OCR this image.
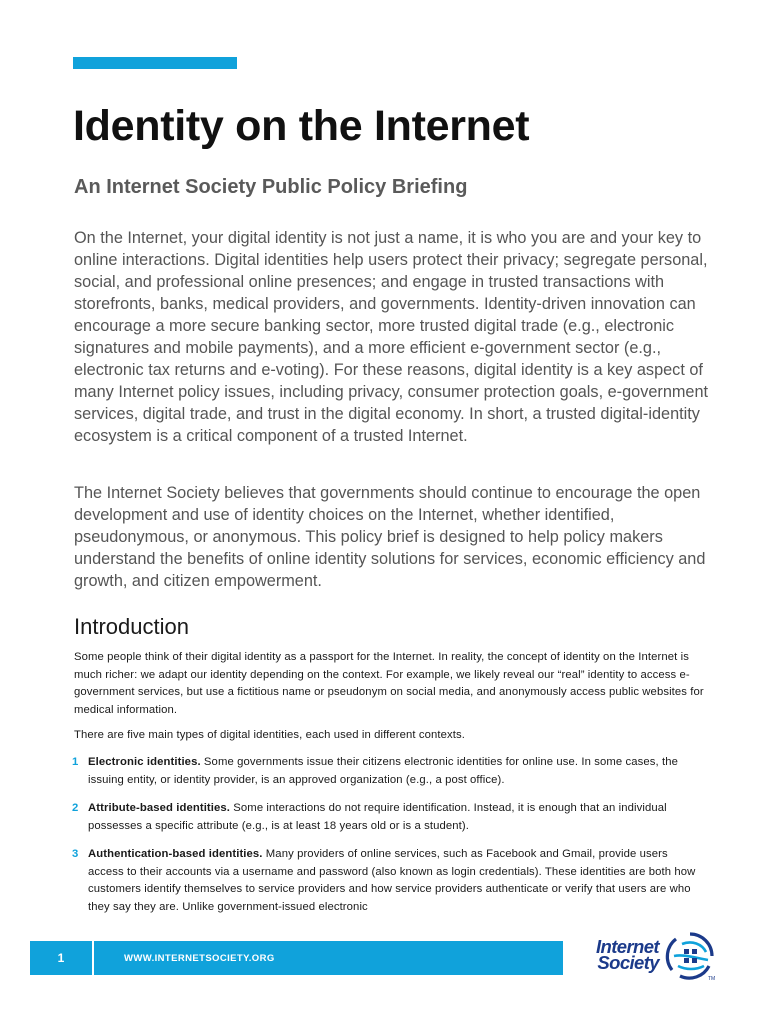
Identity on the Internet
An Internet Society Public Policy Briefing

On the Internet, your digital identity is not just a name, it is who you are and your key to online interactions. Digital identities help users protect their privacy; segregate personal, social, and professional online presences; and engage in trusted transactions with storefronts, banks, medical providers, and governments. Identity-driven innovation can encourage a more secure banking sector, more trusted digital trade (e.g., electronic signatures and mobile payments), and a more efficient e-government sector (e.g., electronic tax returns and e-voting). For these reasons, digital identity is a key aspect of many Internet policy issues, including privacy, consumer protection goals, e-government services, digital trade, and trust in the digital economy. In short, a trusted digital-identity ecosystem is a critical component of a trusted Internet.

The Internet Society believes that governments should continue to encourage the open development and use of identity choices on the Internet, whether identified, pseudonymous, or anonymous. This policy brief is designed to help policy makers understand the benefits of online identity solutions for services, economic efficiency and growth, and citizen empowerment.

Introduction

Some people think of their digital identity as a passport for the Internet. In reality, the concept of identity on the Internet is much richer: we adapt our identity depending on the context. For example, we likely reveal our “real” identity to access e-government services, but use a fictitious name or pseudonym on social media, and anonymously access public websites for medical information.

There are five main types of digital identities, each used in different contexts.

1 Electronic identities. Some governments issue their citizens electronic identities for online use. In some cases, the issuing entity, or identity provider, is an approved organization (e.g., a post office).
2 Attribute-based identities. Some interactions do not require identification. Instead, it is enough that an individual possesses a specific attribute (e.g., is at least 18 years old or is a student).
3 Authentication-based identities. Many providers of online services, such as Facebook and Gmail, provide users access to their accounts via a username and password (also known as login credentials). These identities are both how customers identify themselves to service providers and how service providers authenticate or verify that users are who they say they are. Unlike government-issued electronic
1	WWW.INTERNETSOCIETY.ORG
Internet
Society
TM
